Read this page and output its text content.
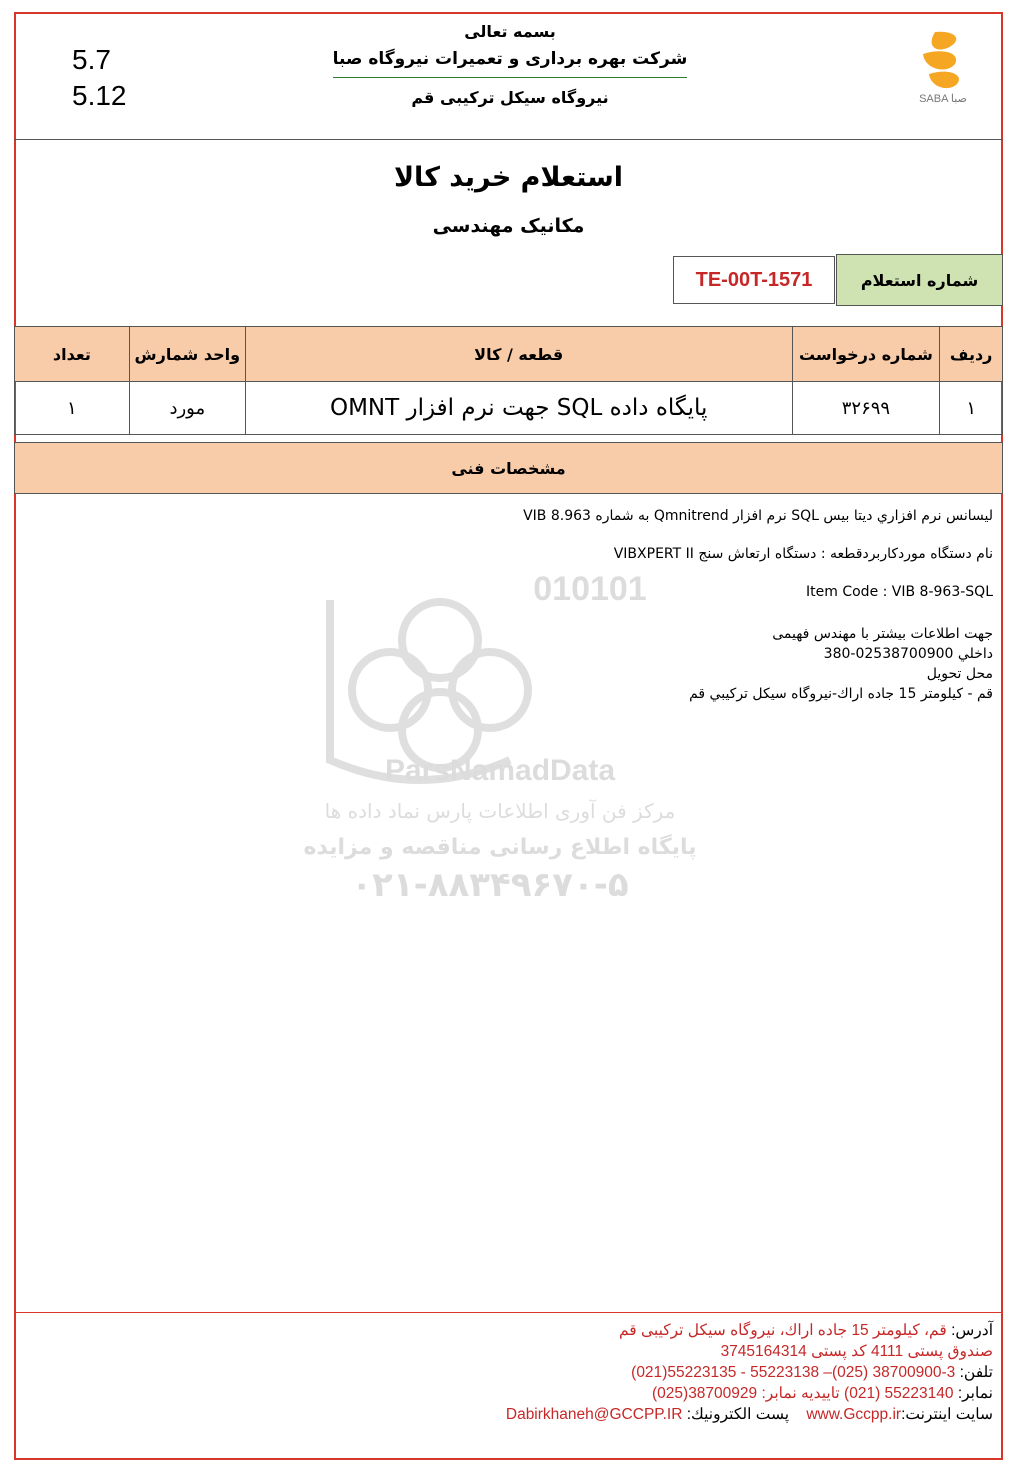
5.7
5.12
بسمه تعالی
شرکت بهره برداری و تعمیرات نیروگاه صبا
نیروگاه سیکل ترکیبی قم	SABA صبا
استعلام خرید کالا
مکانیک مهندسی
TE-00T-1571	شماره استعلام
ردیف	شماره درخواست	قطعه / کالا	واحد شمارش	تعداد
۱	۳۲۶۹۹	پایگاه داده SQL جهت نرم افزار OMNT	مورد	۱
مشخصات فنی
010101
ParsNamadData
مرکز فن آوری اطلاعات پارس نماد داده ها
پایگاه اطلاع رسانی مناقصه و مزایده
۰۲۱-۸۸۳۴۹۶۷۰-۵
لیسانس نرم افزاري دیتا بیس SQL نرم افزار Qmnitrend به شماره VIB 8.963
نام دستگاه موردکاربردقطعه : دستگاه ارتعاش سنج VIBXPERT II
Item Code : VIB 8-963-SQL
جهت اطلاعات بیشتر با مهندس فهیمی
داخلي 02538700900-380
محل تحویل
قم - کیلومتر 15 جاده اراك-نیروگاه سیکل ترکیبي قم
آدرس: قم، کیلومتر 15 جاده اراك، نیروگاه سیکل ترکیبی قم
صندوق پستی 4111 کد پستی 3745164314
تلفن: 3-38700900 (025)– 55223138 - 55223135(021)
نمابر: 55223140 (021) تاییدیه نمابر: 38700929(025)
سایت اینترنت:www.Gccpp.ir    پست الکترونیك: Dabirkhaneh@GCCPP.IR
